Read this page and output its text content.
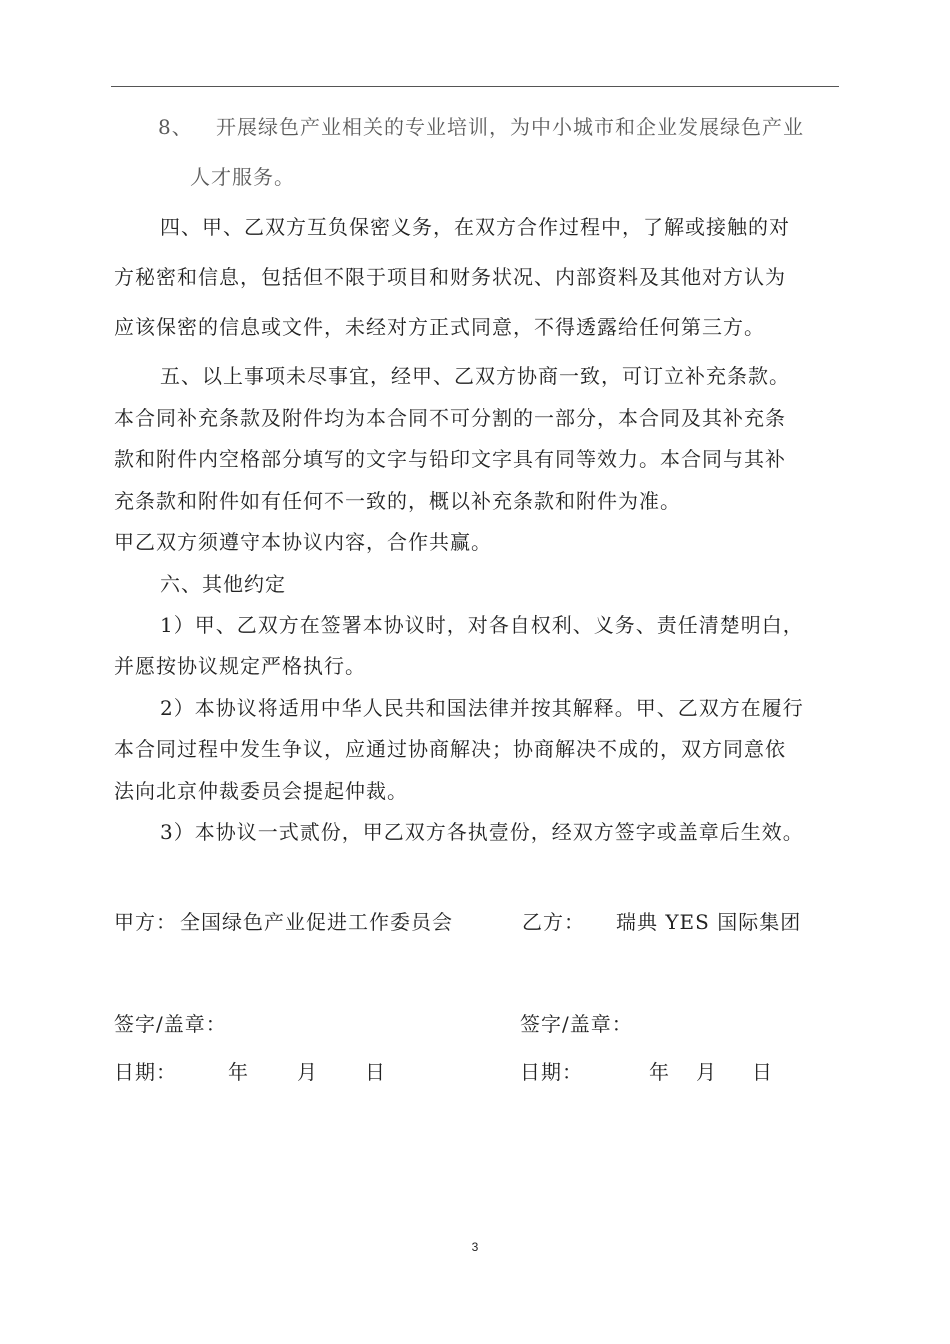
8、 开展绿色产业相关的专业培训，为中小城市和企业发展绿色产业
人才服务。
四、甲、乙双方互负保密义务，在双方合作过程中，了解或接触的对
方秘密和信息，包括但不限于项目和财务状况、内部资料及其他对方认为
应该保密的信息或文件，未经对方正式同意，不得透露给任何第三方。
五、以上事项未尽事宜，经甲、乙双方协商一致，可订立补充条款。
本合同补充条款及附件均为本合同不可分割的一部分，本合同及其补充条
款和附件内空格部分填写的文字与铅印文字具有同等效力。本合同与其补
充条款和附件如有任何不一致的，概以补充条款和附件为准。
甲乙双方须遵守本协议内容，合作共赢。
六、其他约定
1）甲、乙双方在签署本协议时，对各自权利、义务、责任清楚明白，
并愿按协议规定严格执行。
2）本协议将适用中华人民共和国法律并按其解释。甲、乙双方在履行
本合同过程中发生争议，应通过协商解决；协商解决不成的，双方同意依
法向北京仲裁委员会提起仲裁。
3）本协议一式贰份，甲乙双方各执壹份，经双方签字或盖章后生效。
甲方： 全国绿色产业促进工作委员会
签字/盖章：
日期：	年 月 日
乙方： 瑞典 YES 国际集团
签字/盖章：
日期：	年 月 日
3
